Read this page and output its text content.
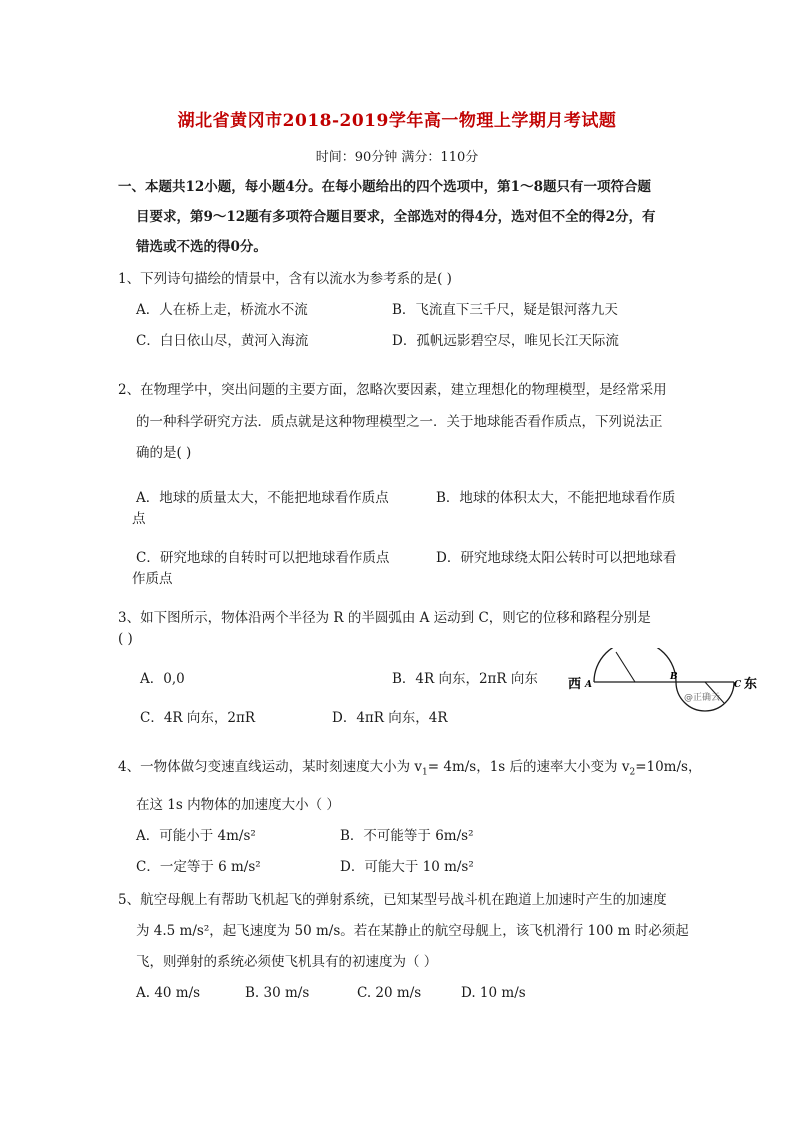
湖北省黄冈市2018-2019学年高一物理上学期月考试题
时间：90分钟 满分：110分
一、本题共12小题，每小题4分。在每小题给出的四个选项中，第1～8题只有一项符合题
目要求，第9～12题有多项符合题目要求，全部选对的得4分，选对但不全的得2分，有
错选或不选的得0分。
1、下列诗句描绘的情景中，含有以流水为参考系的是( )
A．人在桥上走，桥流水不流	B．飞流直下三千尺，疑是银河落九天
C．白日依山尽，黄河入海流	D．孤帆远影碧空尽，唯见长江天际流
2、在物理学中，突出问题的主要方面，忽略次要因素，建立理想化的物理模型，是经常采用
的一种科学研究方法．质点就是这种物理模型之一．关于地球能否看作质点，下列说法正
确的是( )
A．地球的质量太大，不能把地球看作质点	B．地球的体积太大，不能把地球看作质
点
C．研究地球的自转时可以把地球看作质点	D．研究地球绕太阳公转时可以把地球看
作质点
3、如下图所示，物体沿两个半径为 R 的半圆弧由 A 运动到 C，则它的位移和路程分别是
( )
A．0,0	B．4R 向东，2πR 向东
C．4R 向东，2πR	D．4πR 向东，4R
西 A
B
C 东
@正确云
4、一物体做匀变速直线运动，某时刻速度大小为 $v_1= 4m/s$，1s 后的速率大小变为 $v_2=10m/s$，
在这 1s 内物体的加速度大小（ ）
A．可能小于 4m/s²	B．不可能等于 6m/s²
C．一定等于 6 m/s²	D．可能大于 10 m/s²
5、航空母舰上有帮助飞机起飞的弹射系统，已知某型号战斗机在跑道上加速时产生的加速度
为 4.5 m/s²，起飞速度为 50 m/s。若在某静止的航空母舰上，该飞机滑行 100 m 时必须起
飞，则弹射的系统必须使飞机具有的初速度为（ ）
A. 40 m/s	B. 30 m/s	C. 20 m/s	D. 10 m/s
